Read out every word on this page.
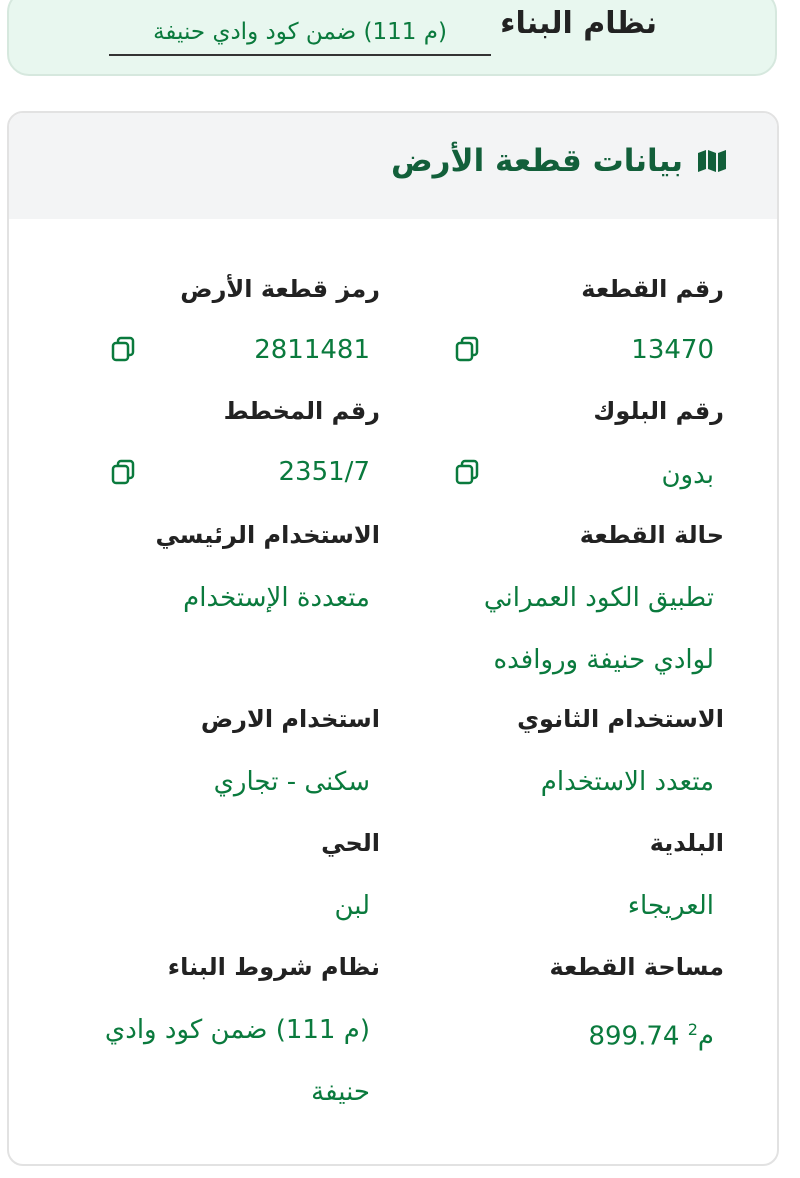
نظام البناء
(م 111) ضمن كود وادي حنيفة
بيانات قطعة الأرض
رقم القطعة
رمز قطعة الأرض
13470
2811481
رقم البلوك
رقم المخطط
بدون
2351/7
حالة القطعة
الاستخدام الرئيسي
تطبيق الكود العمراني
لوادي حنيفة وروافده
متعددة الإستخدام
الاستخدام الثانوي
استخدام الارض
متعدد الاستخدام
سكنى - تجاري
البلدية
الحي
العريجاء
لبن
مساحة القطعة
نظام شروط البناء
899.74 م$^2$
(م 111) ضمن كود وادي
حنيفة
